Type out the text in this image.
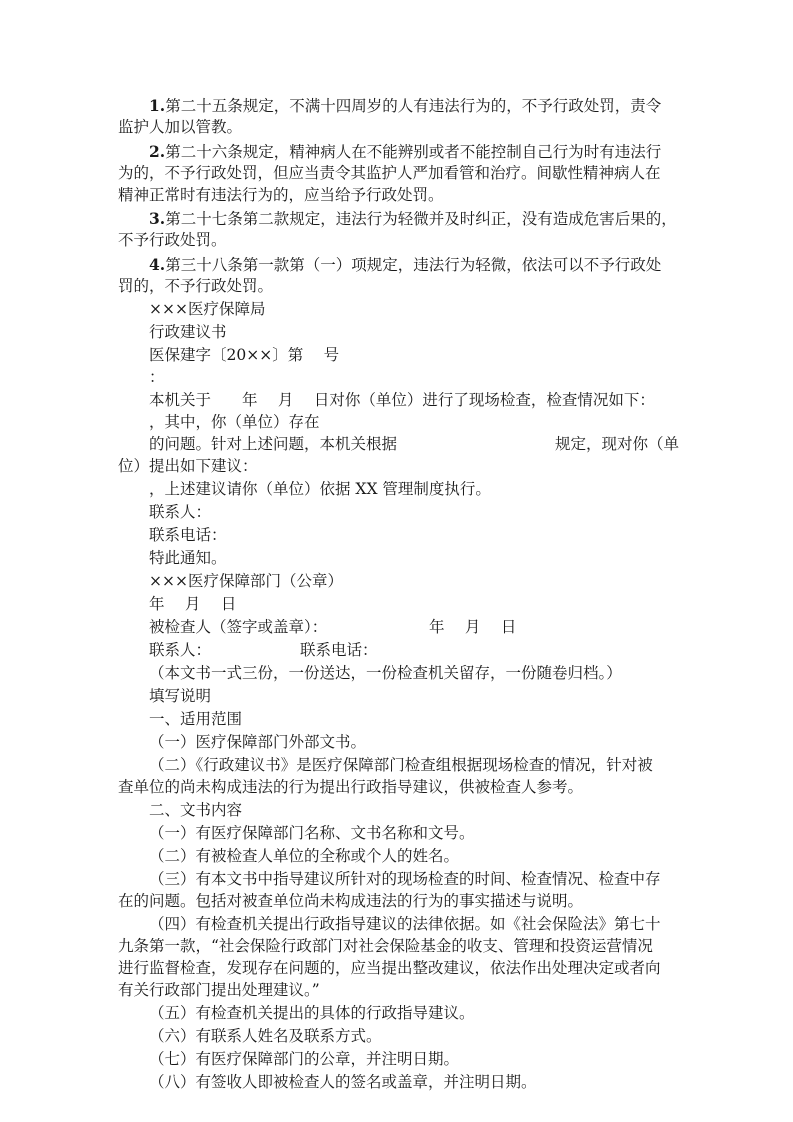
1.第二十五条规定，不满十四周岁的人有违法行为的，不予行政处罚，责令
监护人加以管教。
2.第二十六条规定，精神病人在不能辨别或者不能控制自己行为时有违法行
为的，不予行政处罚，但应当责令其监护人严加看管和治疗。间歇性精神病人在
精神正常时有违法行为的，应当给予行政处罚。
3.第二十七条第二款规定，违法行为轻微并及时纠正，没有造成危害后果的，
不予行政处罚。
4.第三十八条第一款第（一）项规定，违法行为轻微，依法可以不予行政处
罚的，不予行政处罚。
×××医疗保障局
行政建议书
医保建字〔20××〕第　 号
：
本机关于　　年　 月　 日对你（单位）进行了现场检查，检查情况如下：
，其中，你（单位）存在
的问题。针对上述问题，本机关根据	规定，现对你（单
位）提出如下建议：
，上述建议请你（单位）依据 XX 管理制度执行。
联系人：
联系电话：
特此通知。
×××医疗保障部门（公章）
年　 月　 日
被检查人（签字或盖章）：	年　 月　 日
联系人：	联系电话：
（本文书一式三份，一份送达，一份检查机关留存，一份随卷归档。）
填写说明
一、适用范围
（一）医疗保障部门外部文书。
（二）《行政建议书》是医疗保障部门检查组根据现场检查的情况，针对被
查单位的尚未构成违法的行为提出行政指导建议，供被检查人参考。
二、文书内容
（一）有医疗保障部门名称、文书名称和文号。
（二）有被检查人单位的全称或个人的姓名。
（三）有本文书中指导建议所针对的现场检查的时间、检查情况、检查中存
在的问题。包括对被查单位尚未构成违法的行为的事实描述与说明。
（四）有检查机关提出行政指导建议的法律依据。如《社会保险法》第七十
九条第一款，“社会保险行政部门对社会保险基金的收支、管理和投资运营情况
进行监督检查，发现存在问题的，应当提出整改建议，依法作出处理决定或者向
有关行政部门提出处理建议。”
（五）有检查机关提出的具体的行政指导建议。
（六）有联系人姓名及联系方式。
（七）有医疗保障部门的公章，并注明日期。
（八）有签收人即被检查人的签名或盖章，并注明日期。
